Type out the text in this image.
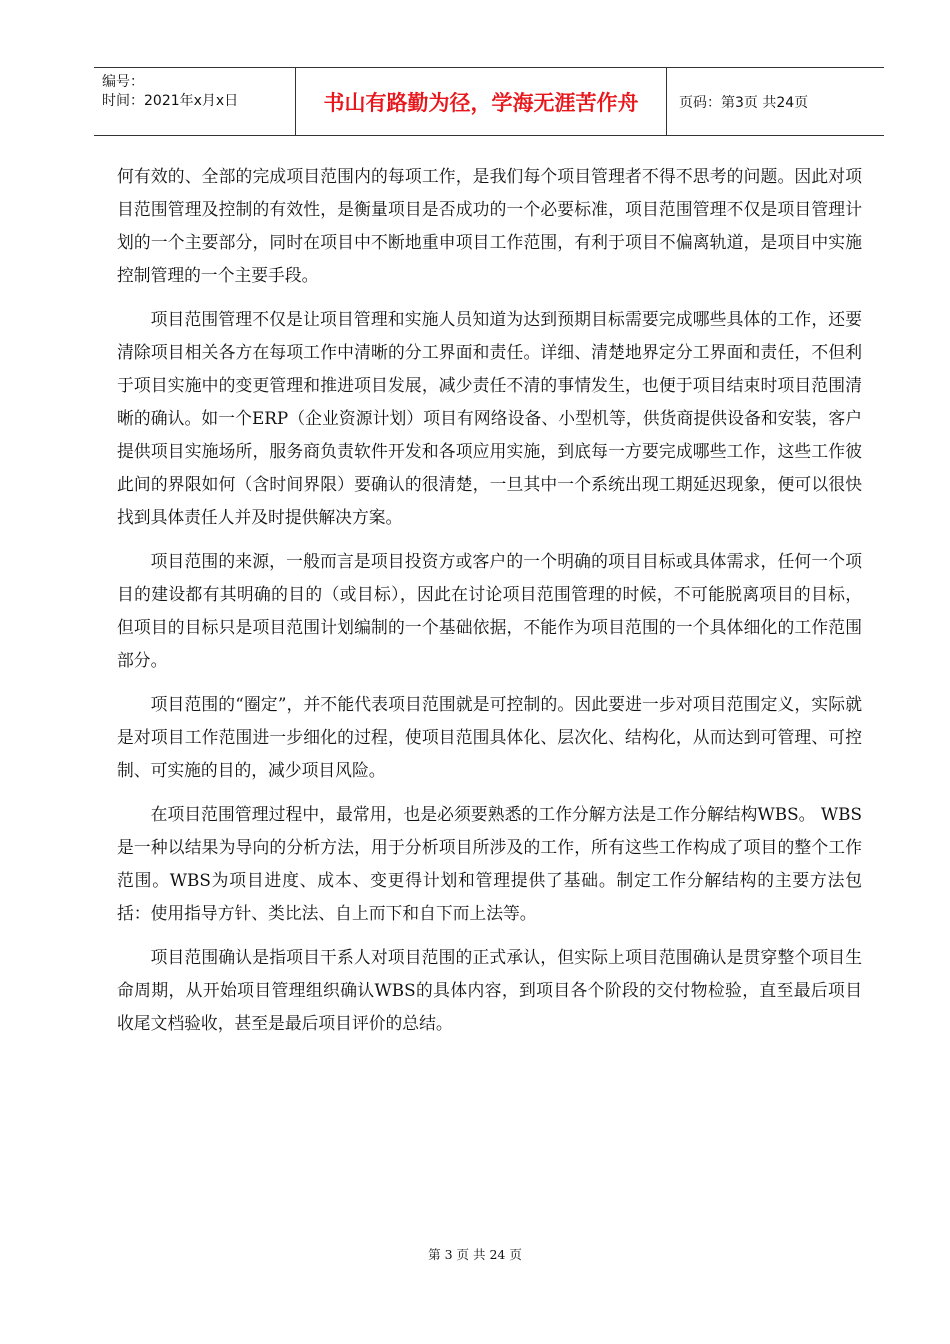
编号：
时间：2021年x月x日	书山有路勤为径，学海无涯苦作舟	页码：第3页 共24页

何有效的、全部的完成项目范围内的每项工作，是我们每个项目管理者不得不思考的问题。因此对项目范围管理及控制的有效性，是衡量项目是否成功的一个必要标准，项目范围管理不仅是项目管理计划的一个主要部分，同时在项目中不断地重申项目工作范围，有利于项目不偏离轨道，是项目中实施控制管理的一个主要手段。

项目范围管理不仅是让项目管理和实施人员知道为达到预期目标需要完成哪些具体的工作，还要清除项目相关各方在每项工作中清晰的分工界面和责任。详细、清楚地界定分工界面和责任，不但利于项目实施中的变更管理和推进项目发展，减少责任不清的事情发生，也便于项目结束时项目范围清晰的确认。如一个ERP（企业资源计划）项目有网络设备、小型机等，供货商提供设备和安装，客户提供项目实施场所，服务商负责软件开发和各项应用实施，到底每一方要完成哪些工作，这些工作彼此间的界限如何（含时间界限）要确认的很清楚，一旦其中一个系统出现工期延迟现象，便可以很快找到具体责任人并及时提供解决方案。

项目范围的来源，一般而言是项目投资方或客户的一个明确的项目目标或具体需求，任何一个项目的建设都有其明确的目的（或目标），因此在讨论项目范围管理的时候，不可能脱离项目的目标，但项目的目标只是项目范围计划编制的一个基础依据，不能作为项目范围的一个具体细化的工作范围部分。

项目范围的“圈定”，并不能代表项目范围就是可控制的。因此要进一步对项目范围定义，实际就是对项目工作范围进一步细化的过程，使项目范围具体化、层次化、结构化，从而达到可管理、可控制、可实施的目的，减少项目风险。

在项目范围管理过程中，最常用，也是必须要熟悉的工作分解方法是工作分解结构WBS。 WBS是一种以结果为导向的分析方法，用于分析项目所涉及的工作，所有这些工作构成了项目的整个工作范围。WBS为项目进度、成本、变更得计划和管理提供了基础。制定工作分解结构的主要方法包括：使用指导方针、类比法、自上而下和自下而上法等。

项目范围确认是指项目干系人对项目范围的正式承认，但实际上项目范围确认是贯穿整个项目生命周期，从开始项目管理组织确认WBS的具体内容，到项目各个阶段的交付物检验，直至最后项目收尾文档验收，甚至是最后项目评价的总结。

第 3 页 共 24 页
